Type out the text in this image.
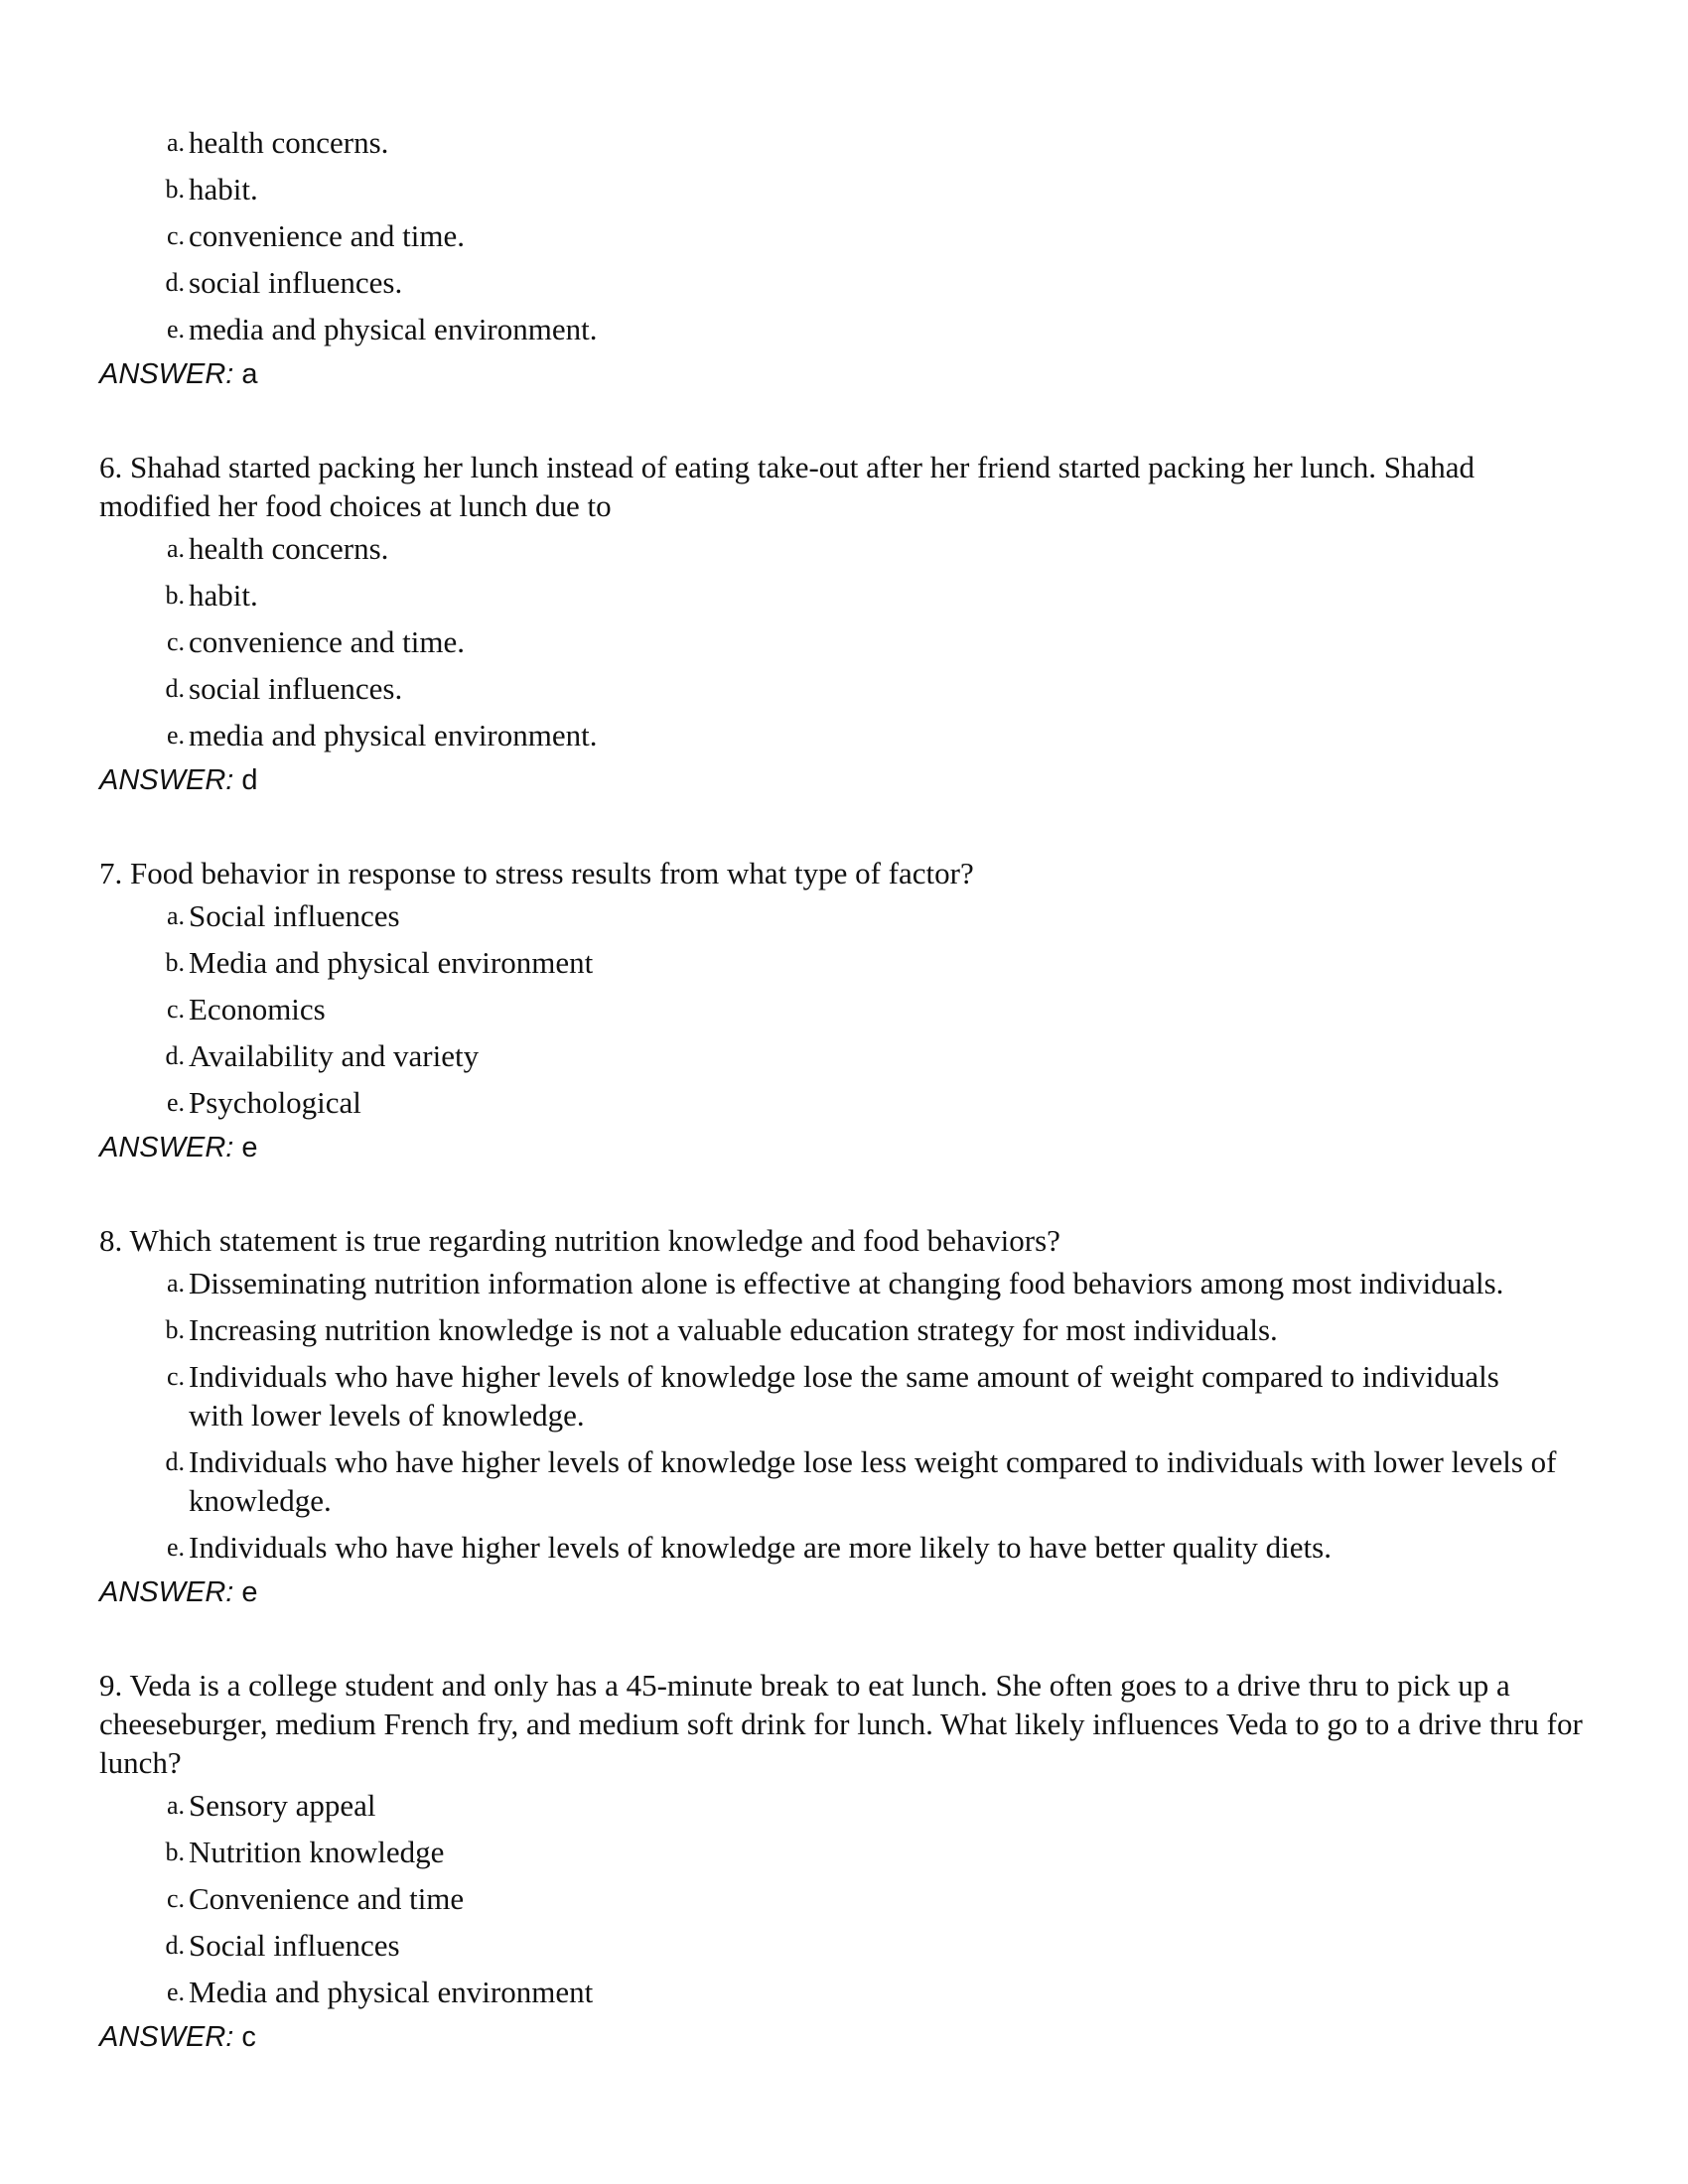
a. health concerns.
b. habit.
c. convenience and time.
d. social influences.
e. media and physical environment.
ANSWER: a

6. Shahad started packing her lunch instead of eating take-out after her friend started packing her lunch. Shahad modified her food choices at lunch due to

a. health concerns.
b. habit.
c. convenience and time.
d. social influences.
e. media and physical environment.
ANSWER: d

7. Food behavior in response to stress results from what type of factor?

a. Social influences
b. Media and physical environment
c. Economics
d. Availability and variety
e. Psychological
ANSWER: e

8. Which statement is true regarding nutrition knowledge and food behaviors?

a. Disseminating nutrition information alone is effective at changing food behaviors among most individuals.
b. Increasing nutrition knowledge is not a valuable education strategy for most individuals.
c. Individuals who have higher levels of knowledge lose the same amount of weight compared to individuals with lower levels of knowledge.
d. Individuals who have higher levels of knowledge lose less weight compared to individuals with lower levels of knowledge.
e. Individuals who have higher levels of knowledge are more likely to have better quality diets.
ANSWER: e

9. Veda is a college student and only has a 45-minute break to eat lunch. She often goes to a drive thru to pick up a cheeseburger, medium French fry, and medium soft drink for lunch. What likely influences Veda to go to a drive thru for lunch?

a. Sensory appeal
b. Nutrition knowledge
c. Convenience and time
d. Social influences
e. Media and physical environment
ANSWER: c
